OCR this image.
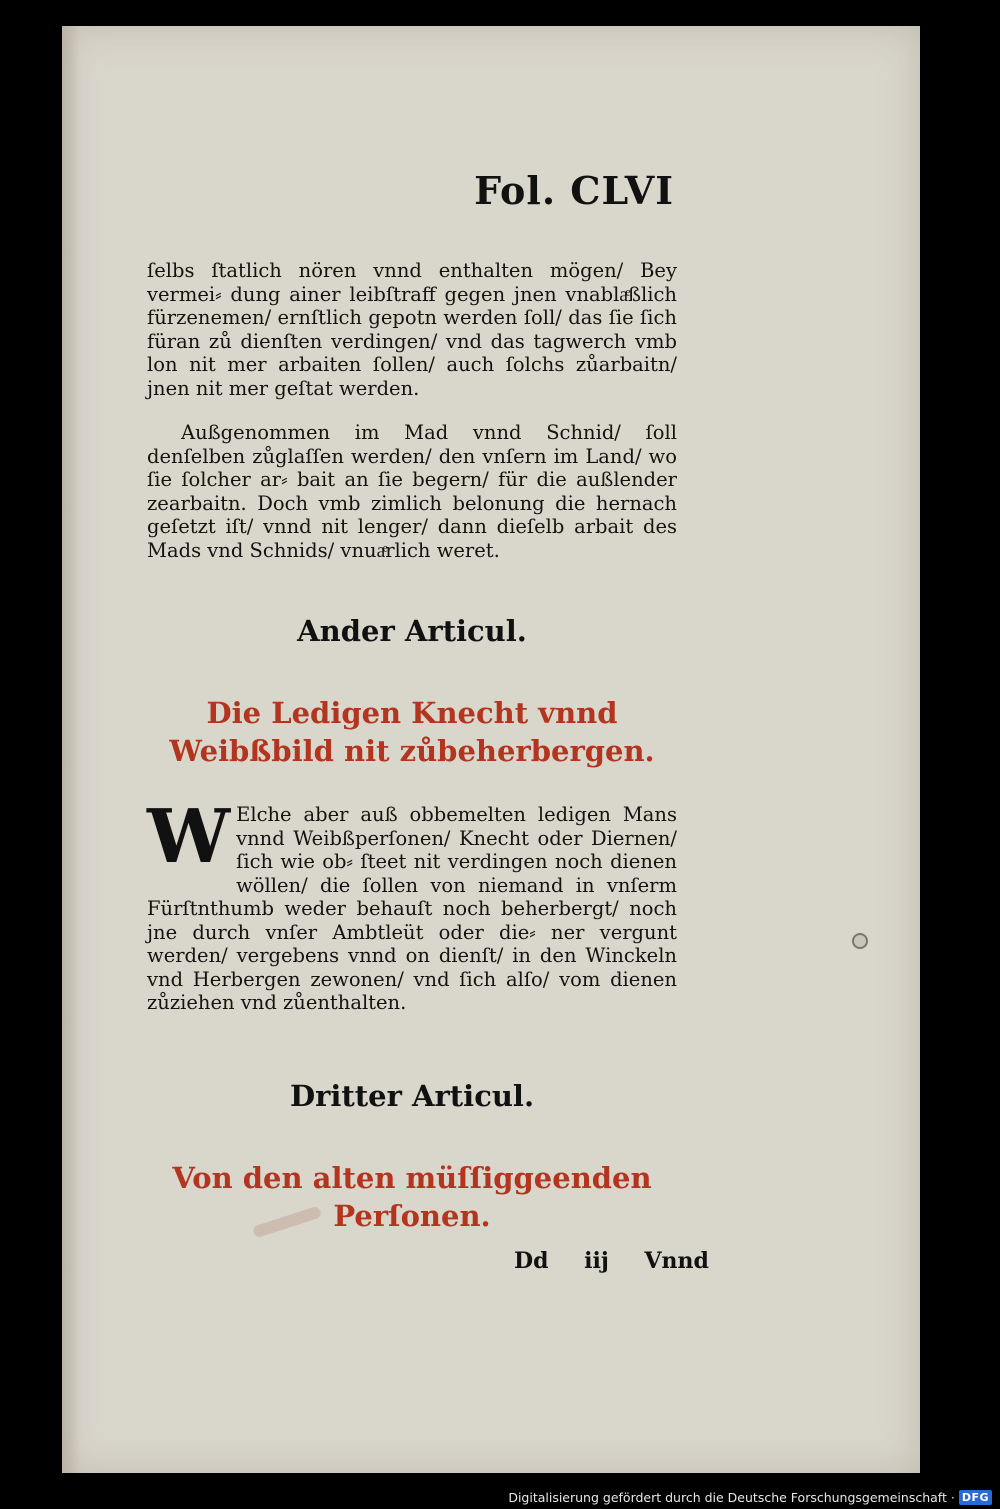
Fol. CLVI
ſelbs ſtatlich nören vnnd enthalten mögen/ Bey vermei⸗ dung ainer leibſtraff gegen jnen vnablaͤßlich fürzenemen/ ernſtlich gepotn werden ſoll/ das ſie ſich füran zů dienſten verdingen/ vnd das tagwerch vmb lon nit mer arbaiten ſollen/ auch ſolchs zůarbaitn/ jnen nit mer geſtat werden.
Außgenommen im Mad vnnd Schnid/ ſoll denſelben zůglaſſen werden/ den vnſern im Land/ wo ſie ſolcher ar⸗ bait an ſie begern/ für die außlender zearbaitn. Doch vmb zimlich belonung die hernach geſetzt iſt/ vnnd nit lenger/ dann dieſelb arbait des Mads vnd Schnids/ vnuaͤrlich weret.
Ander Articul.
Die Ledigen Knecht vnnd Weibßbild nit zůbeherbergen.
W Elche aber auß obbemelten ledigen Mans vnnd Weibßperſonen/ Knecht oder Diernen/ ſich wie ob⸗ ſteet nit verdingen noch dienen wöllen/ die ſollen von niemand in vnſerm Fürſtnthumb weder behauſt noch beherbergt/ noch jne durch vnſer Ambtleüt oder die⸗ ner vergunt werden/ vergebens vnnd on dienſt/ in den Winckeln vnd Herbergen zewonen/ vnd ſich alſo/ vom dienen zůziehen vnd zůenthalten.
Dritter Articul.
Von den alten müſſiggeenden Perſonen.
Dd iij Vnnd
Digitalisierung gefördert durch die Deutsche Forschungsgemeinschaft · DFG
